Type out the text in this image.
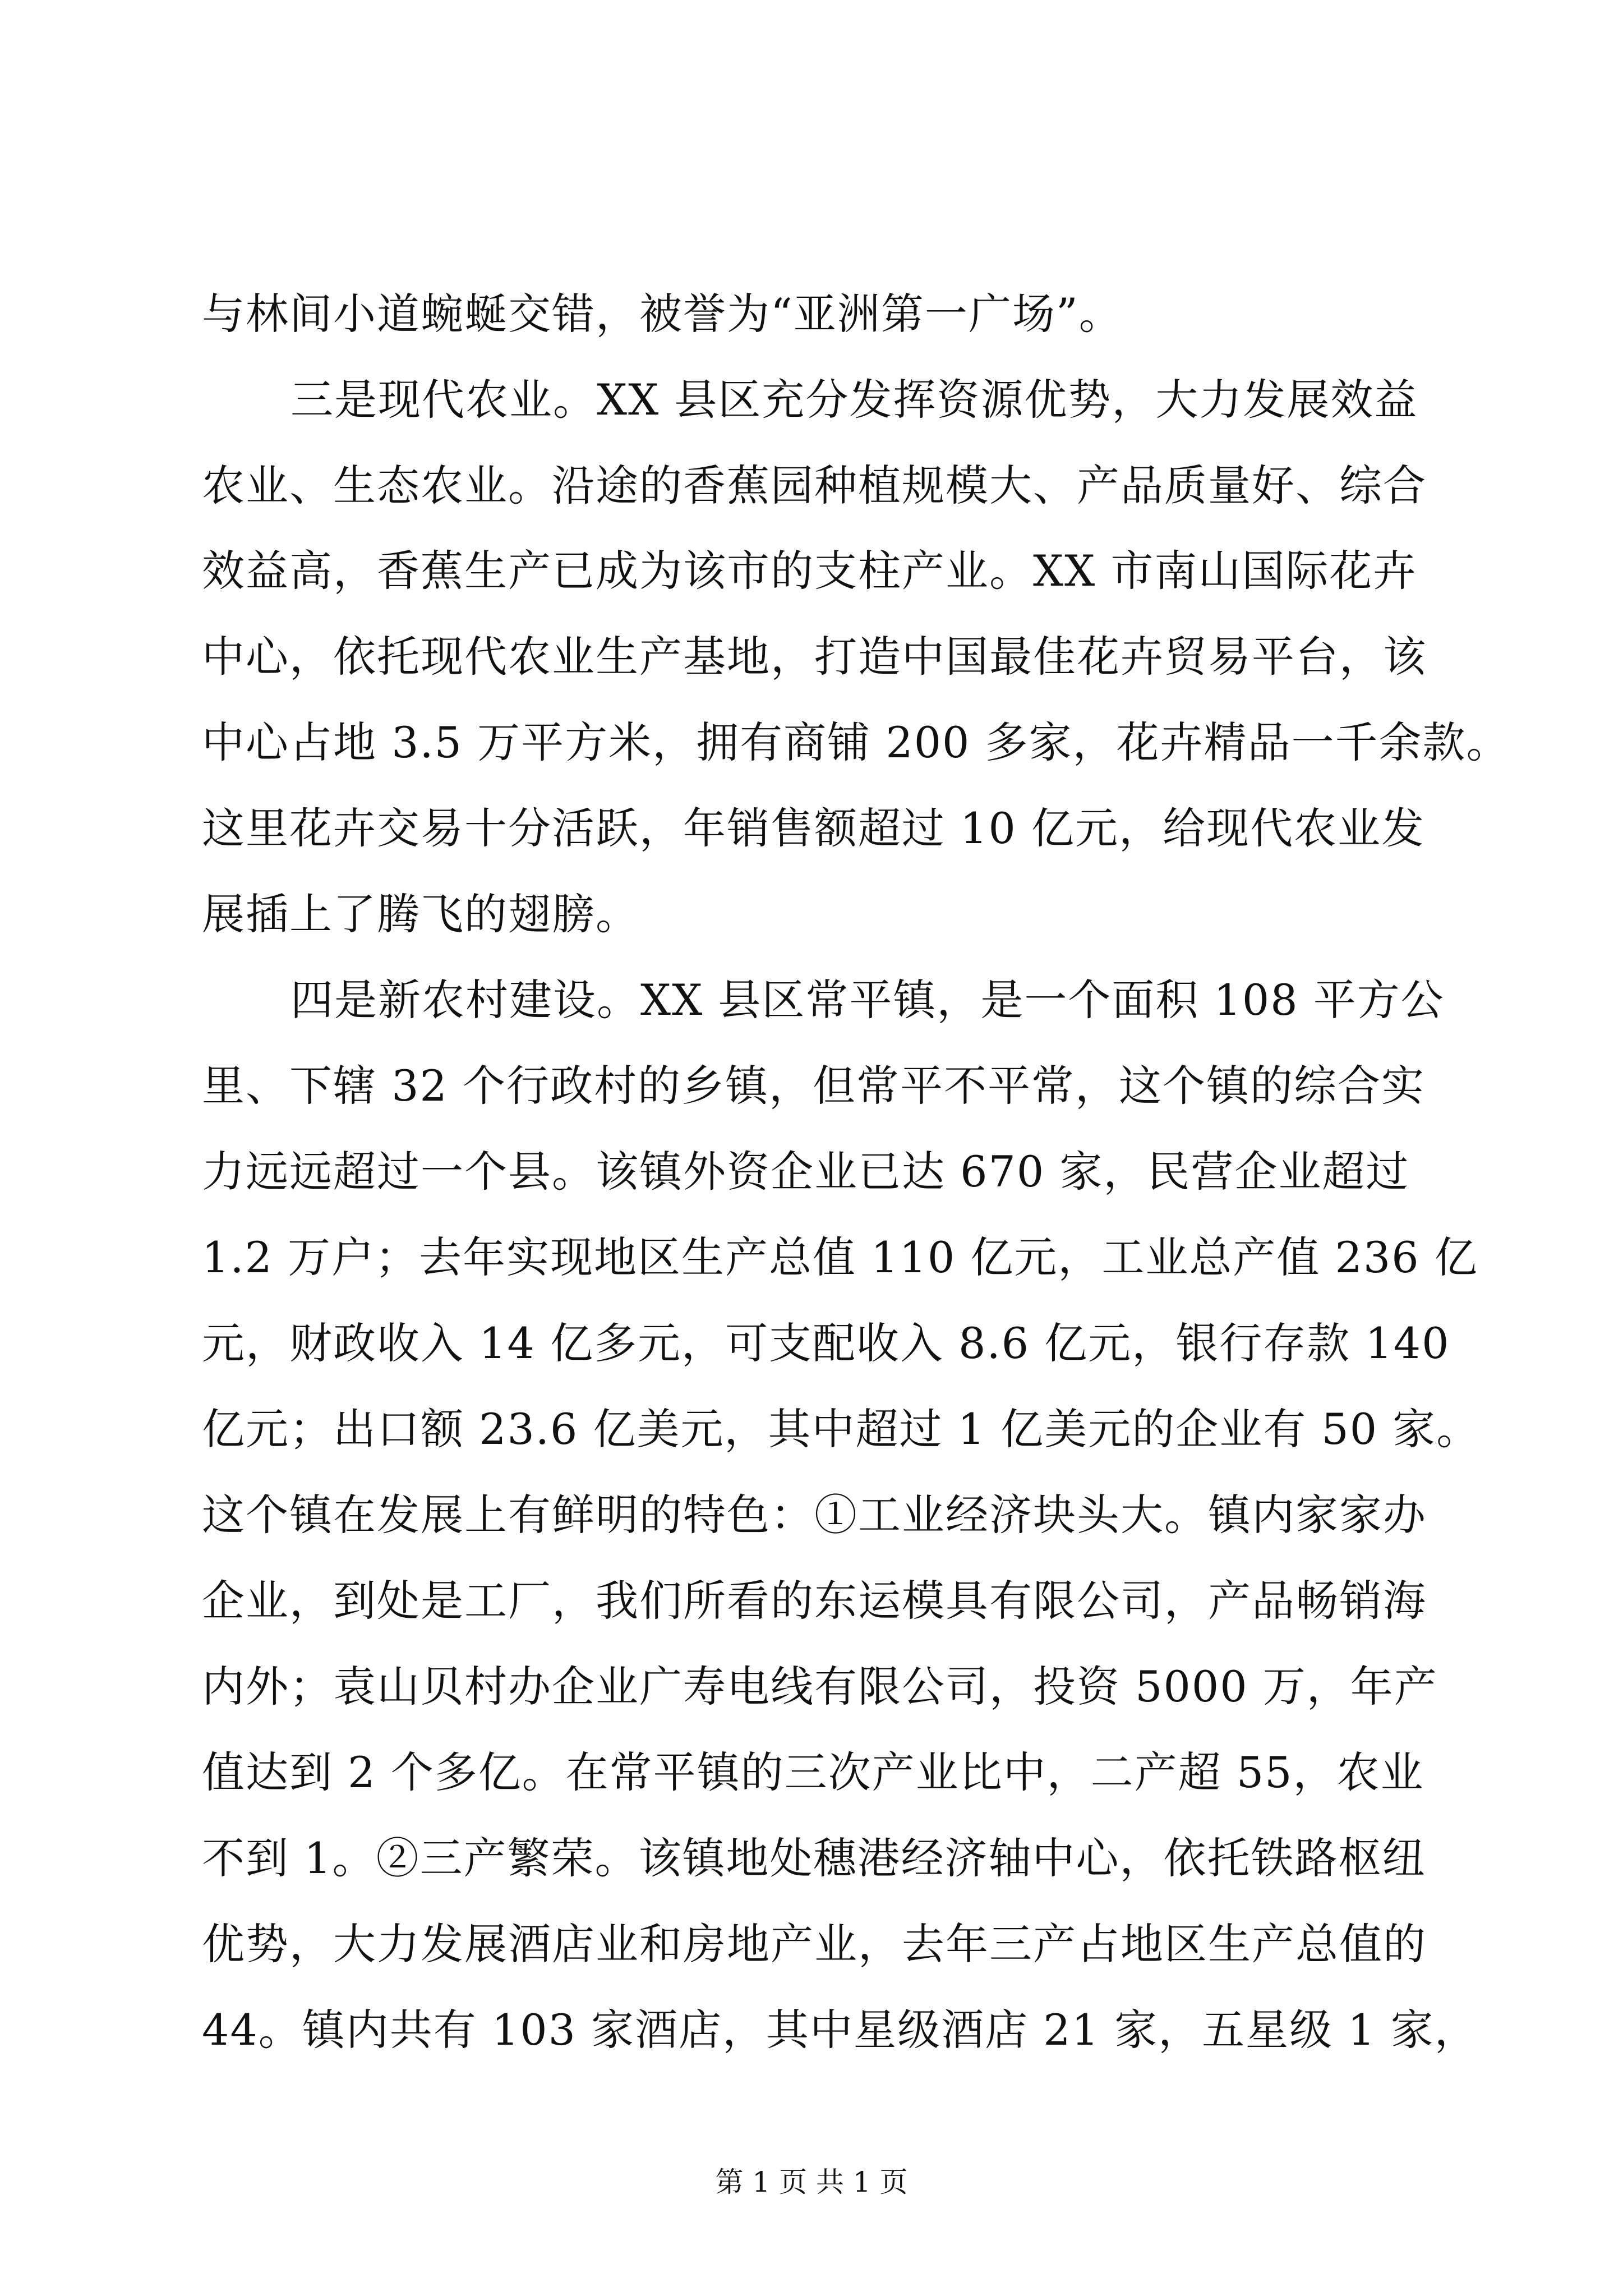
与林间小道蜿蜒交错，被誉为“亚洲第一广场”。
三是现代农业。XX 县区充分发挥资源优势，大力发展效益
农业、生态农业。沿途的香蕉园种植规模大、产品质量好、综合
效益高，香蕉生产已成为该市的支柱产业。XX 市南山国际花卉
中心，依托现代农业生产基地，打造中国最佳花卉贸易平台，该
中心占地 3.5 万平方米，拥有商铺 200 多家，花卉精品一千余款。
这里花卉交易十分活跃，年销售额超过 10 亿元，给现代农业发
展插上了腾飞的翅膀。
四是新农村建设。XX 县区常平镇，是一个面积 108 平方公
里、下辖 32 个行政村的乡镇，但常平不平常，这个镇的综合实
力远远超过一个县。该镇外资企业已达 670 家，民营企业超过
1.2 万户；去年实现地区生产总值 110 亿元，工业总产值 236 亿
元，财政收入 14 亿多元，可支配收入 8.6 亿元，银行存款 140
亿元；出口额 23.6 亿美元，其中超过 1 亿美元的企业有 50 家。
这个镇在发展上有鲜明的特色：①工业经济块头大。镇内家家办
企业，到处是工厂，我们所看的东运模具有限公司，产品畅销海
内外；袁山贝村办企业广寿电线有限公司，投资 5000 万，年产
值达到 2 个多亿。在常平镇的三次产业比中，二产超 55，农业
不到 1。②三产繁荣。该镇地处穗港经济轴中心，依托铁路枢纽
优势，大力发展酒店业和房地产业，去年三产占地区生产总值的
44。镇内共有 103 家酒店，其中星级酒店 21 家，五星级 1 家，
第 1 页 共 1 页
